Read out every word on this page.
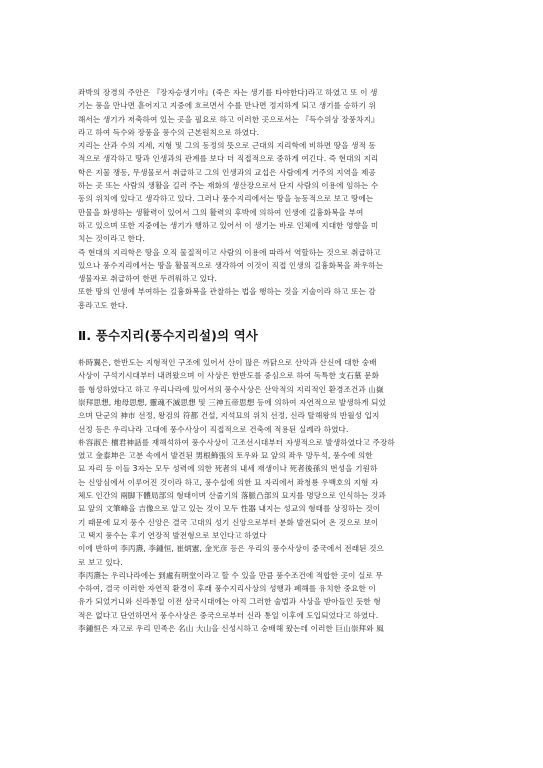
좌박의 장경의 주안은 『장자승생기야』(죽은 자는 생기를 타야한다)라고 하였고 또 이 생

기는 풍을 만나면 흩어지고 지중에 흐르면서 수를 만나면 정지하게 되고 생기를 승하기 위

해서는 생기가 저축하여 있는 곳을 필요로 하고 이러한 곳으로서는 『득수위상 장풍차지』

라고 하여 득수와 장풍을 풍수의 근본원칙으로 하였다.

지리는 산과 수의 지세, 지형 및 그의 동정의 뜻으로 근대의 지리학에 비하면 땅을 생적 동

적으로 생각하고 땅과 인생과의 관계를 보다 더 직접적으로 중하게 여긴다. 즉 현대의 지리

학은 지물 쟁동, 무생물로서 취급하고 그의 인생과의 교섭은 사람에게 거주의 지역을 제공

하는 곳 또는 사람의 생활을 길러 주는 재화의 생산장으로서 단지 사람의 이용에 임하는 수

동의 위치에 있다고 생각하고 있다. 그러나 풍수지리에서는 땅을 능동적으로 보고 땅에는

만물을 화생하는 생활력이 있어서 그의 활력의 후박에 의하여 인생에 길흉화복을 부여

하고 있으며 또한 지중에는 생기가 행하고 있어서 이 생기는 바로 인체에 지대한 영향을 미

치는 것이라고 한다.

즉 현대의 지리학은 땅을 오직 물질적이고 사람의 이용에 따라서 역할하는 것으로 취급하고

있으나 풍수지리에서는 땅을 활물적으로 생각하여 이것이 직접 인생의 길흉화복을 좌우하는

생물자로 취급하여 한편 두려워하고 있다.

또한 땅의 인생에 부여하는 길흉화복을 관찰하는 법을 행하는 것을 지술이라 하고 또는 감

흥라고도 한다.

Ⅱ. 풍수지리(풍수지리설)의 역사

朴時翼은, 한반도는 지형적인 구조에 있어서 산이 많은 까닭으로 산악과 산신에 대한 숭배

사상이 구석기시대부터 내려왔으며 이 사상은 한반도를 중심으로 하여 독특한 支石墓 문화

를 형성하였다고 하고 우리나라에 있어서의 풍수사상은 산악적의 지리적인 환경조건과 山嶽

崇拜思想, 地母思想, 靈魂不滅思想 및 三神五帝思想 등에 의하여 자연적으로 발생하게 되었

으며 단군의 神市 선정, 왕검의 符都 건설, 지석묘의 위치 선정, 신라 탈해왕의 반월성 입지

선정 등은 우리나라 고대에 풍수사상이 직접적으로 건축에 적용된 실례라 하였다.

朴容淑은 檀君神話를 재해석하여 풍수사상이 고조선시대부터 자생적으로 발생하였다고 주장하

였고 金泰坤은 고분 속에서 발견된 男根飾張의 토우와 묘 앞의 좌우 망두석, 풍수에 의한

묘 자리 등 이들 3자는 모두 성력에 의한 死者의 내세 재생이나 死者後孫의 번성을 기원하

는 신앙심에서 이루어진 것이라 하고, 풍수설에 의한 묘 자리에서 좌청룡 우백호의 지형 자

체도 인간의 兩脚下體局部의 형태이며 산줄기의 落脈凸部의 묘지를 명당으로 인식하는 것과

묘 앞의 文筆峰을 吉像으로 알고 있는 것이 모두 性器 내지는 성교의 형태를 상징하는 것이

기 때문에 묘지 풍수 신앙은 결국 고대의 성기 신앙으로부터 분화 발전되어 온 것으로 보이

고 택지 풍수는 후기 연장적 발전형으로 보인다고 하였다

이에 반하여 李丙燾, 李鍾恒, 崔炳憲, 金光彦 등은 우리의 풍수사상이 중국에서 전래된 것으

로 보고 있다.

李丙燾는 우리나라에는 到處有明堂이라고 할 수 있을 만큼 풍수조건에 적합한 곳이 실로 무

수하여, 결국 이러한 자연적 환경이 후래 풍수지리사상의 성행과 폐해를 유치한 중요한 이

유가 되었거니와 신라통일 이전 삼국시대에는 아직 그러한 술법과 사상을 받아들인 듯한 형

적은 없다고 단언하면서 풍수사상은 중국으로부터 신라 통일 이후에 도입되었다고 하였다.

李鍾恒은 자고로 우리 민족은 名山 大山을 신성시하고 숭배해 왔는데 이러한 巨山崇拜와 風
